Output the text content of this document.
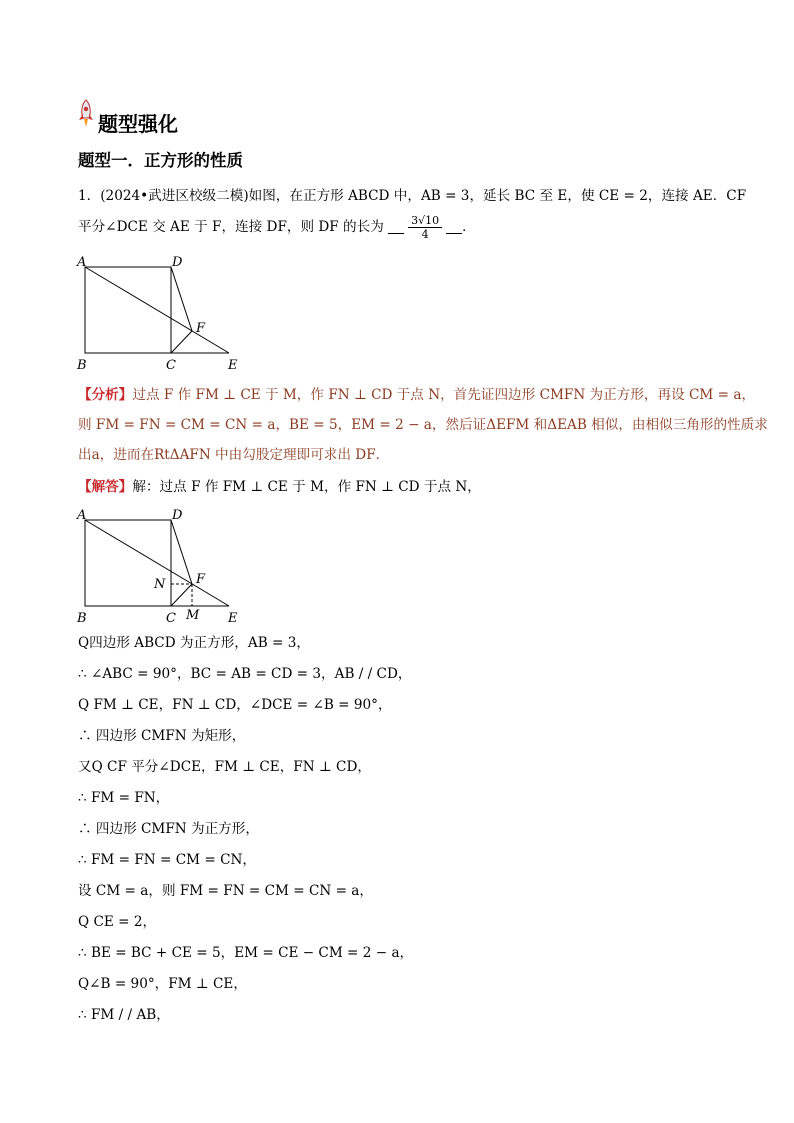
题型强化
题型一．正方形的性质
1．(2024•武进区校级二模)如图，在正方形 ABCD 中，AB = 3，延长 BC 至 E，使 CE = 2，连接 AE．CF
平分∠DCE 交 AE 于 F，连接 DF，则 DF 的长为 $\frac{3√10}{4}$ ．
A	D
B	C	E
F
【分析】过点 F 作 FM ⊥ CE 于 M，作 FN ⊥ CD 于点 N，首先证四边形 CMFN 为正方形，再设 CM = a，
则 FM = FN = CM = CN = a，BE = 5，EM = 2 − a，然后证ΔEFM 和ΔEAB 相似，由相似三角形的性质求
出a，进而在RtΔAFN 中由勾股定理即可求出 DF．
【解答】解：过点 F 作 FM ⊥ CE 于 M，作 FN ⊥ CD 于点 N，
A	D
B	C	E
F
N
M
Q四边形 ABCD 为正方形，AB = 3，
∴ ∠ABC = 90°，BC = AB = CD = 3，AB / / CD，
Q FM ⊥ CE，FN ⊥ CD，∠DCE = ∠B = 90°，
∴ 四边形 CMFN 为矩形，
又Q CF 平分∠DCE，FM ⊥ CE，FN ⊥ CD，
∴ FM = FN，
∴ 四边形 CMFN 为正方形，
∴ FM = FN = CM = CN，
设 CM = a，则 FM = FN = CM = CN = a，
Q CE = 2，
∴ BE = BC + CE = 5，EM = CE − CM = 2 − a，
Q∠B = 90°，FM ⊥ CE，
∴ FM / / AB，
